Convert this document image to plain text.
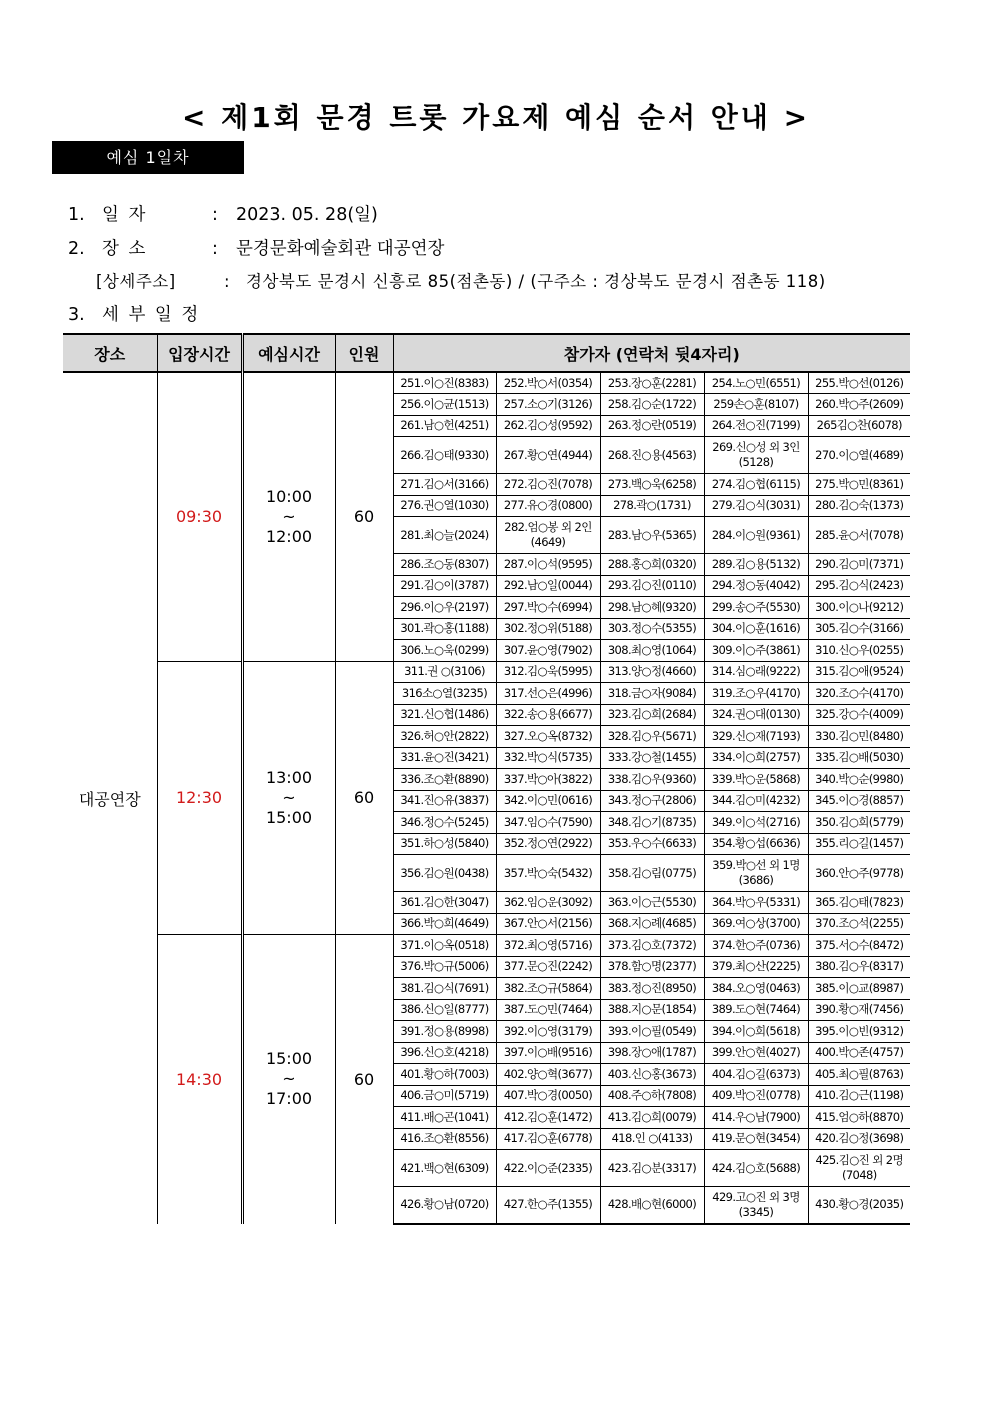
< 제1회 문경 트롯 가요제 예심 순서 안내 >
예심 1일차
1. 일 자	: 2023. 05. 28(일)
2. 장 소	: 문경문화예술회관 대공연장
[상세주소]	: 경상북도 문경시 신흥로 85(점촌동) / (구주소 : 경상북도 문경시 점촌동 118)
3. 세 부 일 정
장소	입장시간	예심시간	인원	참가자 (연락처 뒷4자리)				
대공연장	09:30	10:00
~
12:00	60	251.이○진(8383)	252.박○서(0354)	253.장○훈(2281)	254.노○민(6551)	255.박○선(0126)
				256.이○균(1513)	257.소○기(3126)	258.김○순(1722)	259손○훈(8107)	260.박○주(2609)
				261.남○헌(4251)	262.김○성(9592)	263.정○란(0519)	264.전○진(7199)	265김○찬(6078)
				266.김○태(9330)	267.황○연(4944)	268.진○용(4563)	269.신○성 외 3인
(5128)	270.이○열(4689)
				271.김○서(3166)	272.김○진(7078)	273.백○욱(6258)	274.김○협(6115)	275.박○민(8361)
				276.권○열(1030)	277.유○경(0800)	278.곽○(1731)	279.김○식(3031)	280.김○숙(1373)
				281.최○늘(2024)	282.엄○봉 외 2인
(4649)	283.남○우(5365)	284.이○원(9361)	285.윤○서(7078)
				286.조○동(8307)	287.이○석(9595)	288.홍○희(0320)	289.김○용(5132)	290.김○미(7371)
				291.김○이(3787)	292.남○일(0044)	293.김○진(0110)	294.정○동(4042)	295.김○식(2423)
				296.이○우(2197)	297.박○수(6994)	298.남○혜(9320)	299.송○주(5530)	300.이○나(9212)
				301.곽○홍(1188)	302.정○위(5188)	303.정○수(5355)	304.이○훈(1616)	305.김○수(3166)
				306.노○욱(0299)	307.윤○영(7902)	308.최○영(1064)	309.이○주(3861)	310.신○우(0255)
	12:30	13:00
~
15:00	60	311.권 ○(3106)	312.김○욱(5995)	313.양○정(4660)	314.심○래(9222)	315.김○애(9524)
				316소○열(3235)	317.선○은(4996)	318.금○자(9084)	319.조○우(4170)	320.조○수(4170)
				321.신○협(1486)	322.송○용(6677)	323.김○희(2684)	324.권○대(0130)	325.강○수(4009)
				326.허○안(2822)	327.오○옥(8732)	328.김○우(5671)	329.신○재(7193)	330.김○민(8480)
				331.윤○진(3421)	332.박○식(5735)	333.강○철(1455)	334.이○희(2757)	335.김○배(5030)
				336.조○환(8890)	337.박○아(3822)	338.김○우(9360)	339.박○운(5868)	340.박○순(9980)
				341.진○유(3837)	342.이○민(0616)	343.정○구(2806)	344.김○미(4232)	345.이○경(8857)
				346.정○수(5245)	347.임○수(7590)	348.김○기(8735)	349.이○석(2716)	350.김○희(5779)
				351.하○성(5840)	352.정○연(2922)	353.우○수(6633)	354.황○섭(6636)	355.리○길(1457)
				356.김○원(0438)	357.박○숙(5432)	358.김○림(0775)	359.박○선 외 1명
(3686)	360.안○주(9778)
				361.김○한(3047)	362.임○운(3092)	363.이○근(5530)	364.박○우(5331)	365.김○태(7823)
				366.박○희(4649)	367.안○서(2156)	368.지○례(4685)	369.여○상(3700)	370.조○석(2255)
	14:30	15:00
~
17:00	60	371.이○옥(0518)	372.최○영(5716)	373.김○호(7372)	374.한○주(0736)	375.서○수(8472)
				376.박○규(5006)	377.문○진(2242)	378.함○명(2377)	379.최○산(2225)	380.김○우(8317)
				381.김○식(7691)	382.조○규(5864)	383.정○진(8950)	384.오○영(0463)	385.이○교(8987)
				386.신○일(8777)	387.도○민(7464)	388.지○문(1854)	389.도○현(7464)	390.황○재(7456)
				391.정○용(8998)	392.이○영(3179)	393.이○필(0549)	394.이○희(5618)	395.이○빈(9312)
				396.신○호(4218)	397.이○배(9516)	398.장○애(1787)	399.안○현(4027)	400.박○존(4757)
				401.황○하(7003)	402.양○혁(3677)	403.신○홍(3673)	404.김○길(6373)	405.최○필(8763)
				406.금○미(5719)	407.박○경(0050)	408.주○하(7808)	409.박○진(0778)	410.김○근(1198)
				411.배○곤(1041)	412.김○훈(1472)	413.김○희(0079)	414.우○남(7900)	415.엄○하(8870)
				416.조○환(8556)	417.김○훈(6778)	418.인 ○(4133)	419.문○현(3454)	420.김○정(3698)
				421.백○현(6309)	422.이○준(2335)	423.김○분(3317)	424.김○호(5688)	425.김○진 외 2명
(7048)
				426.황○남(0720)	427.한○주(1355)	428.배○현(6000)	429.고○진 외 3명
(3345)	430.황○경(2035)
